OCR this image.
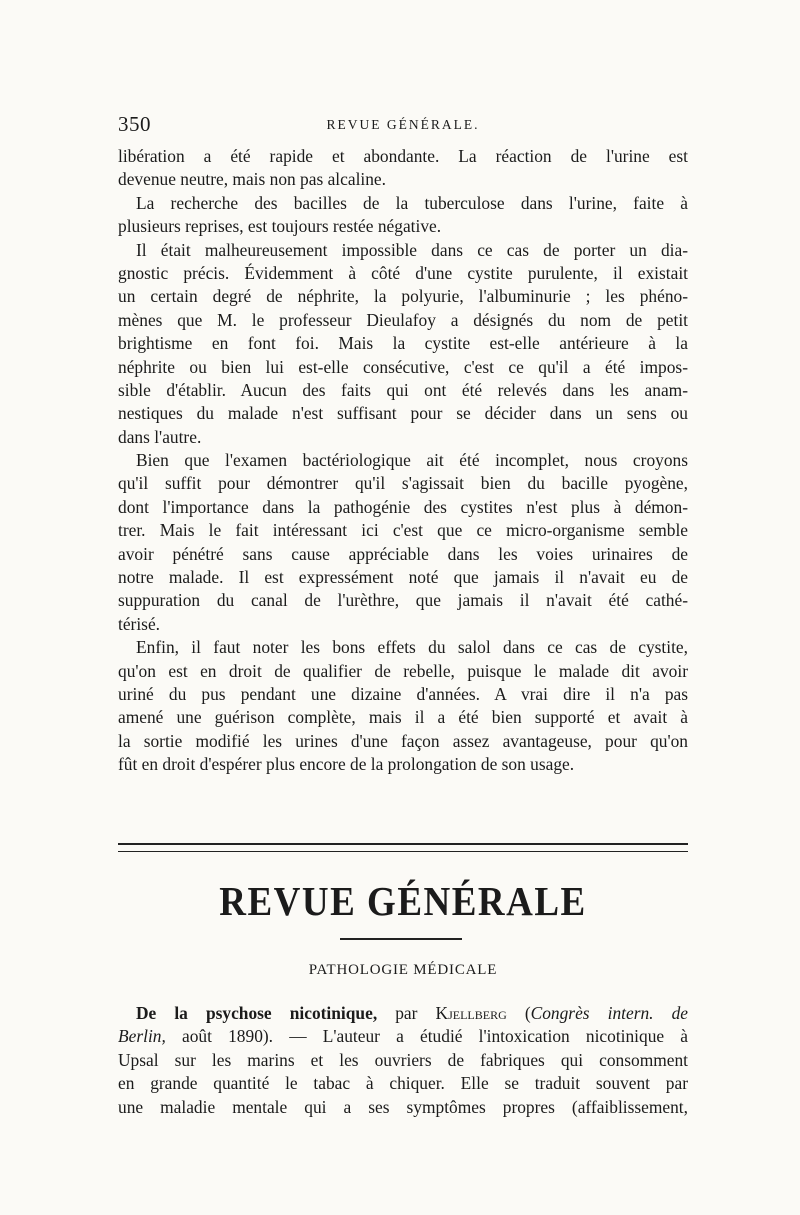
350	REVUE GÉNÉRALE.
libération a été rapide et abondante. La réaction de l'urine est
devenue neutre, mais non pas alcaline.
La recherche des bacilles de la tuberculose dans l'urine, faite à
plusieurs reprises, est toujours restée négative.
Il était malheureusement impossible dans ce cas de porter un dia-
gnostic précis. Évidemment à côté d'une cystite purulente, il existait
un certain degré de néphrite, la polyurie, l'albuminurie ; les phéno-
mènes que M. le professeur Dieulafoy a désignés du nom de petit
brightisme en font foi. Mais la cystite est-elle antérieure à la
néphrite ou bien lui est-elle consécutive, c'est ce qu'il a été impos-
sible d'établir. Aucun des faits qui ont été relevés dans les anam-
nestiques du malade n'est suffisant pour se décider dans un sens ou
dans l'autre.
Bien que l'examen bactériologique ait été incomplet, nous croyons
qu'il suffit pour démontrer qu'il s'agissait bien du bacille pyogène,
dont l'importance dans la pathogénie des cystites n'est plus à démon-
trer. Mais le fait intéressant ici c'est que ce micro-organisme semble
avoir pénétré sans cause appréciable dans les voies urinaires de
notre malade. Il est expressément noté que jamais il n'avait eu de
suppuration du canal de l'urèthre, que jamais il n'avait été cathé-
térisé.
Enfin, il faut noter les bons effets du salol dans ce cas de cystite,
qu'on est en droit de qualifier de rebelle, puisque le malade dit avoir
uriné du pus pendant une dizaine d'années. A vrai dire il n'a pas
amené une guérison complète, mais il a été bien supporté et avait à
la sortie modifié les urines d'une façon assez avantageuse, pour qu'on
fût en droit d'espérer plus encore de la prolongation de son usage.
REVUE GÉNÉRALE
PATHOLOGIE MÉDICALE
De la psychose nicotinique, par Kjellberg (Congrès intern. de
Berlin, août 1890). — L'auteur a étudié l'intoxication nicotinique à
Upsal sur les marins et les ouvriers de fabriques qui consomment
en grande quantité le tabac à chiquer. Elle se traduit souvent par
une maladie mentale qui a ses symptômes propres (affaiblissement,
